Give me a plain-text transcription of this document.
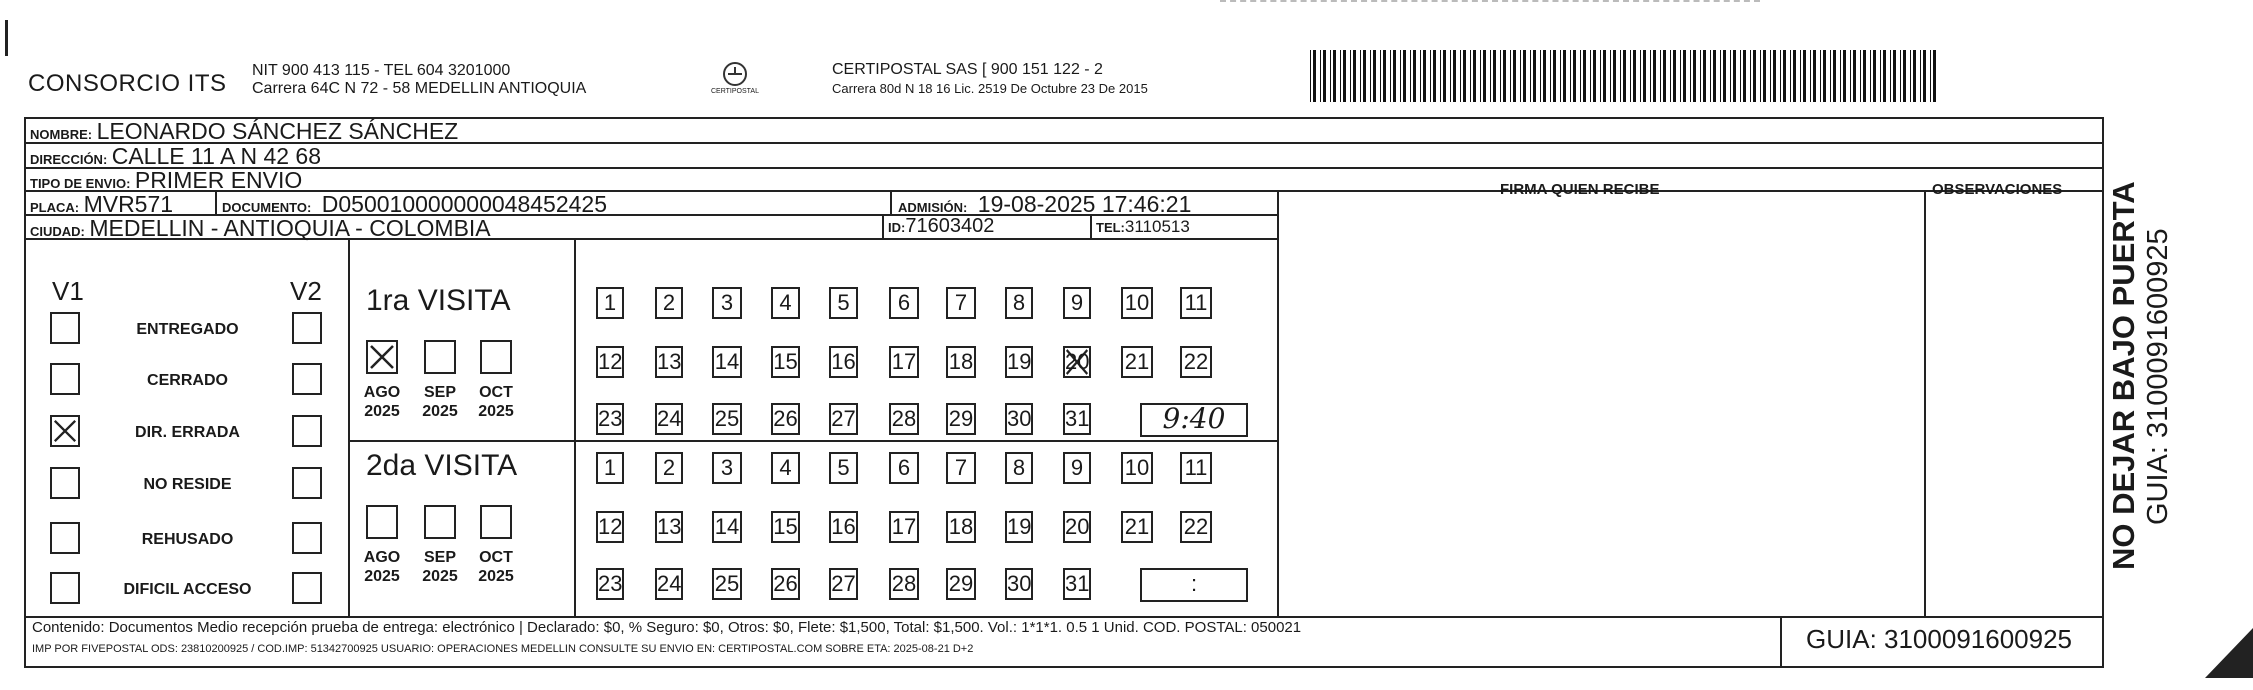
CONSORCIO ITS NIT 900 413 115 - TEL 604 3201000
Carrera 64C N 72 - 58 MEDELLIN ANTIOQUIA	CERTIPOSTAL
CERTIPOSTAL SAS [ 900 151 122 - 2
Carrera 80d N 18 16 Lic. 2519 De Octubre 23 De 2015
NOMBRE: LEONARDO SÁNCHEZ SÁNCHEZ
DIRECCIÓN: CALLE 11 A N 42 68
TIPO DE ENVIO: PRIMER ENVIO	FIRMA QUIEN RECIBE	OBSERVACIONES
PLACA: MVR571	DOCUMENTO: D050010000000048452425	ADMISIÓN: 19-08-2025 17:46:21
CIUDAD: MEDELLIN - ANTIOQUIA - COLOMBIA	ID:71603402	TEL:3110513
V1	V2
ENTREGADO
CERRADO
DIR. ERRADA
NO RESIDE
REHUSADO
DIFICIL ACCESO
1ra VISITA
AGO
2025
SEP
2025
OCT
2025
1	2	3	4	5	6	7	8	9	10 11
12 13 14 15 16 17 18 19 20 21 22
23 24 25 26 27 28 29 30 31	9:40
2da VISITA
AGO
2025
SEP
2025
OCT
2025
1	2	3	4	5	6	7	8	9	10 11
12 13 14 15 16 17 18 19 20 21 22
23 24 25 26 27 28 29 30 31	:
NO DEJAR BAJO PUERTA GUIA: 3100091600925
Contenido: Documentos Medio recepción prueba de entrega: electrónico | Declarado: $0, % Seguro: $0, Otros: $0, Flete: $1,500, Total: $1,500. Vol.: 1*1*1. 0.5 1 Unid. COD. POSTAL: 050021
IMP POR FIVEPOSTAL ODS: 23810200925 / COD.IMP: 51342700925 USUARIO: OPERACIONES MEDELLIN CONSULTE SU ENVIO EN: CERTIPOSTAL.COM SOBRE ETA: 2025-08-21 D+2	GUIA: 3100091600925
